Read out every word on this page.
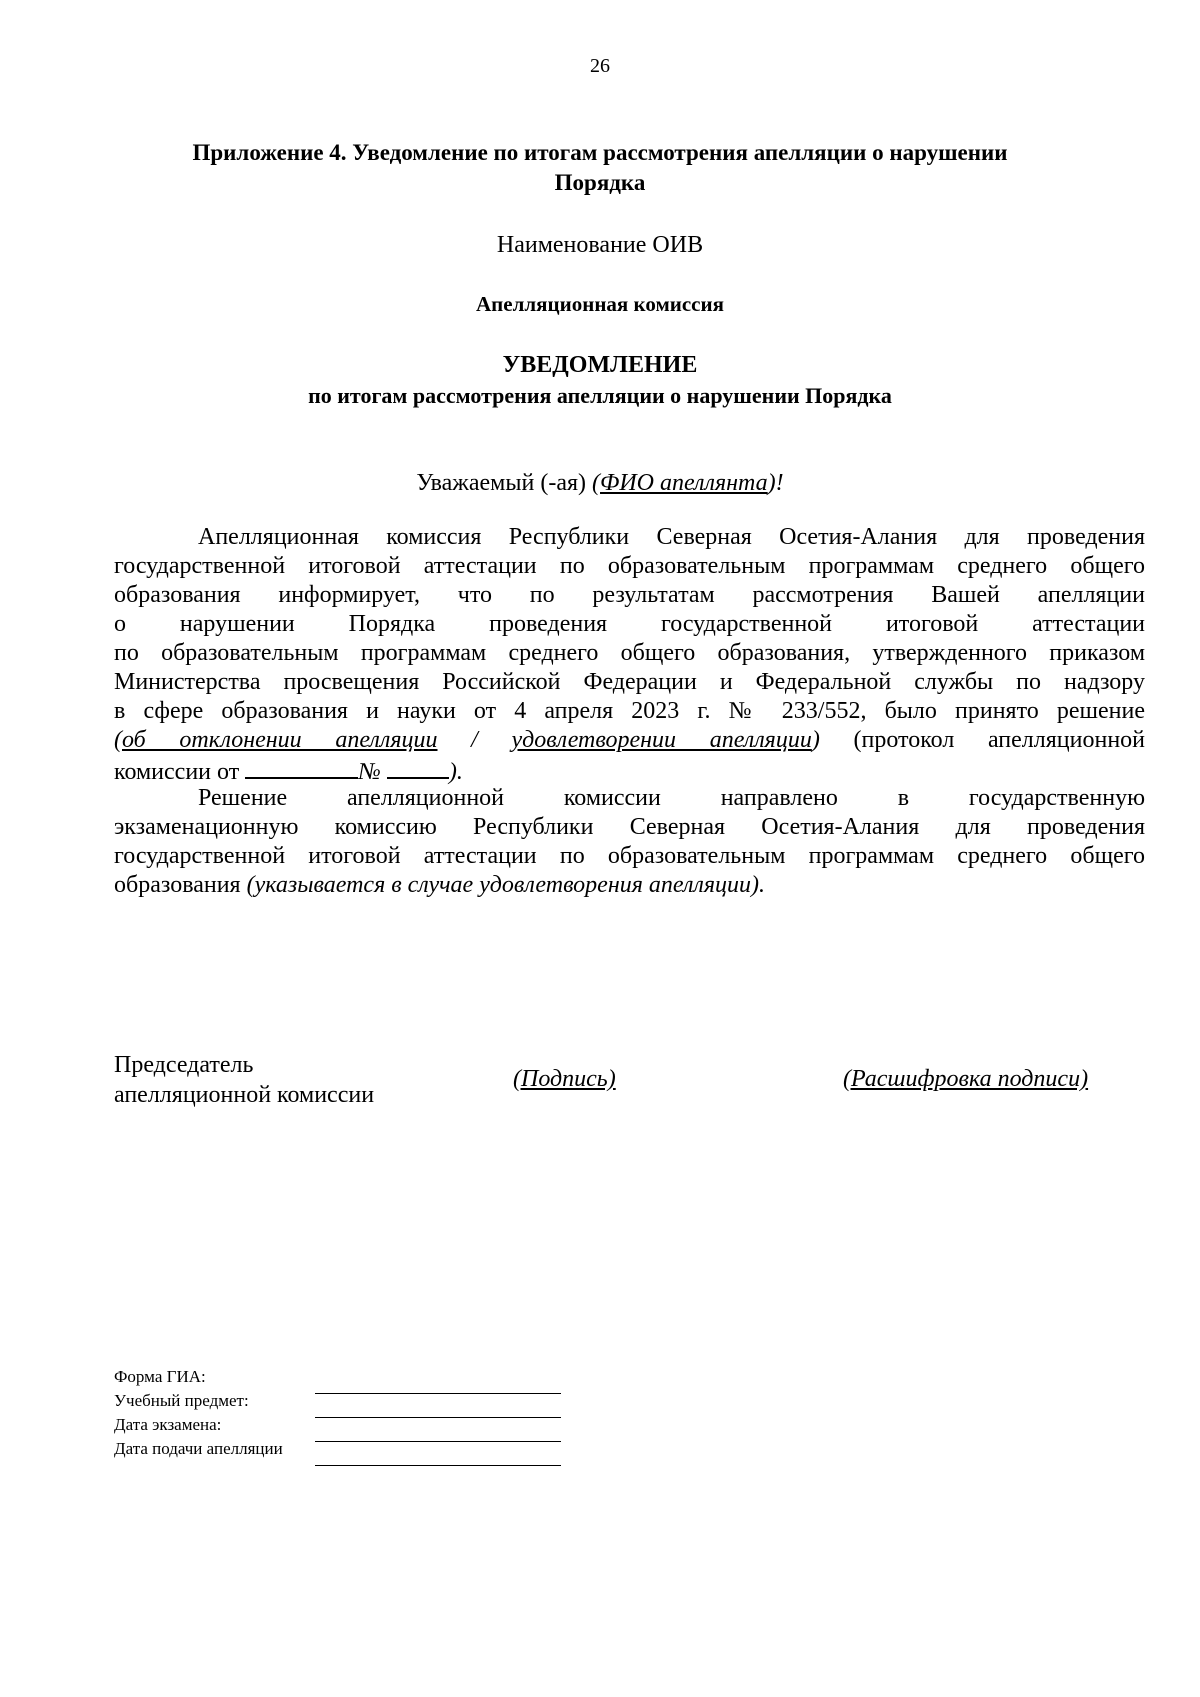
26
Приложение 4. Уведомление по итогам рассмотрения апелляции о нарушении Порядка
Наименование ОИВ
Апелляционная комиссия
УВЕДОМЛЕНИЕ
по итогам рассмотрения апелляции о нарушении Порядка
Уважаемый (-ая) (ФИО апеллянта)!
Апелляционная комиссия Республики Северная Осетия-Алания для проведения
государственной итоговой аттестации по образовательным программам среднего общего
образования информирует, что по результатам рассмотрения Вашей апелляции
о нарушении Порядка проведения государственной итоговой аттестации
по образовательным программам среднего общего образования, утвержденного приказом
Министерства просвещения Российской Федерации и Федеральной службы по надзору
в сфере образования и науки от 4 апреля 2023 г. № 233/552, было принято решение
(об отклонении апелляции / удовлетворении апелляции) (протокол апелляционной
комиссии от	№	).
Решение апелляционной комиссии направлено в государственную
экзаменационную комиссию Республики Северная Осетия-Алания для проведения
государственной итоговой аттестации по образовательным программам среднего общего
образования (указывается в случае удовлетворения апелляции).
Председатель
апелляционной комиссии
(Подпись)	(Расшифровка подписи)
Форма ГИА:
Учебный предмет:
Дата экзамена:
Дата подачи апелляции
